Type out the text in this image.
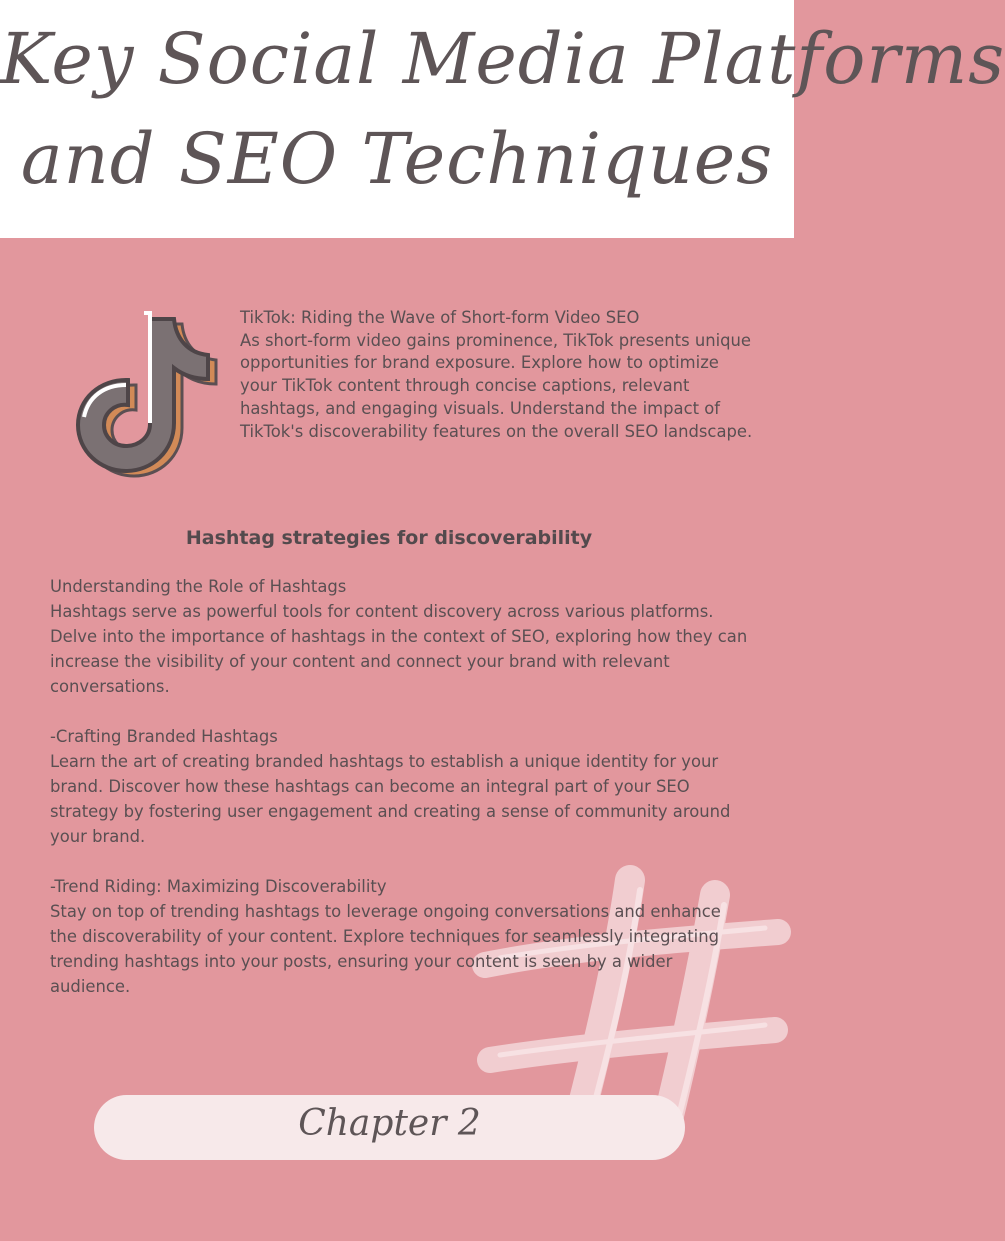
Key Social Media Platforms
and SEO Techniques
TikTok: Riding the Wave of Short-form Video SEO
As short-form video gains prominence, TikTok presents unique opportunities for brand exposure. Explore how to optimize your TikTok content through concise captions, relevant hashtags, and engaging visuals. Understand the impact of TikTok's discoverability features on the overall SEO landscape.
Hashtag strategies for discoverability

Understanding the Role of Hashtags

Hashtags serve as powerful tools for content discovery across various platforms. Delve into the importance of hashtags in the context of SEO, exploring how they can increase the visibility of your content and connect your brand with relevant conversations.

-Crafting Branded Hashtags

Learn the art of creating branded hashtags to establish a unique identity for your brand. Discover how these hashtags can become an integral part of your SEO strategy by fostering user engagement and creating a sense of community around your brand.

-Trend Riding: Maximizing Discoverability

Stay on top of trending hashtags to leverage ongoing conversations and enhance the discoverability of your content. Explore techniques for seamlessly integrating trending hashtags into your posts, ensuring your content is seen by a wider audience.

Chapter 2
